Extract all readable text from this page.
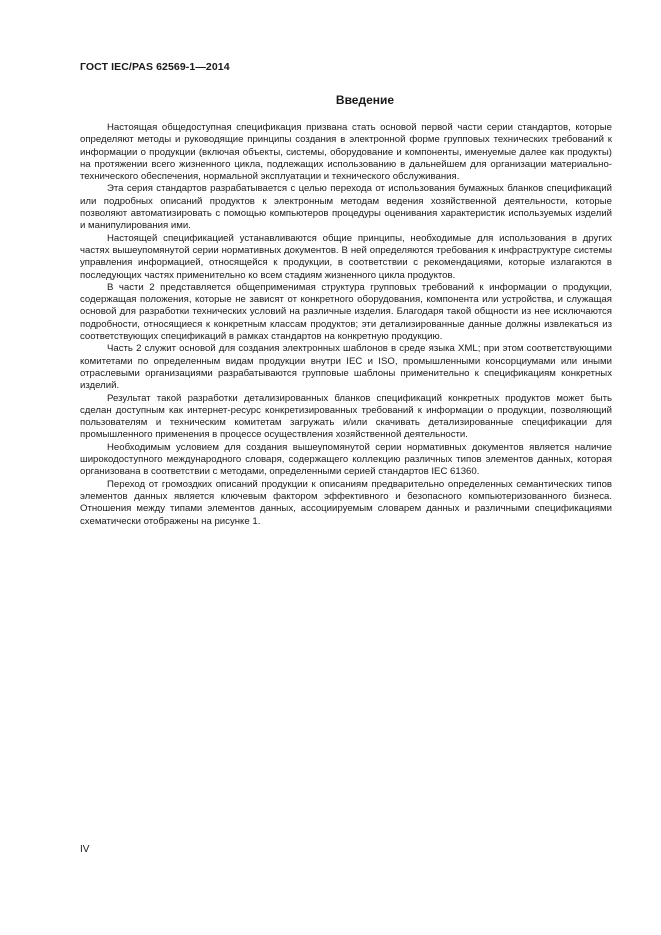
ГОСТ IEC/PAS 62569-1—2014
Введение

Настоящая общедоступная спецификация призвана стать основой первой части серии стандартов, которые определяют методы и руководящие принципы создания в электронной форме групповых технических требований к информации о продукции (включая объекты, системы, оборудование и компоненты, именуемые далее как продукты) на протяжении всего жизненного цикла, подлежащих использованию в дальнейшем для организации материально-технического обеспечения, нормальной эксплуатации и технического обслуживания.

Эта серия стандартов разрабатывается с целью перехода от использования бумажных бланков спецификаций или подробных описаний продуктов к электронным методам ведения хозяйственной деятельности, которые позволяют автоматизировать с помощью компьютеров процедуры оценивания характеристик используемых изделий и манипулирования ими.

Настоящей спецификацией устанавливаются общие принципы, необходимые для использования в других частях вышеупомянутой серии нормативных документов. В ней определяются требования к инфраструктуре системы управления информацией, относящейся к продукции, в соответствии с рекомендациями, которые излагаются в последующих частях применительно ко всем стадиям жизненного цикла продуктов.

В части 2 представляется общеприменимая структура групповых требований к информации о продукции, содержащая положения, которые не зависят от конкретного оборудования, компонента или устройства, и служащая основой для разработки технических условий на различные изделия. Благодаря такой общности из нее исключаются подробности, относящиеся к конкретным классам продуктов; эти детализированные данные должны извлекаться из соответствующих спецификаций в рамках стандартов на конкретную продукцию.

Часть 2 служит основой для создания электронных шаблонов в среде языка XML; при этом соответствующими комитетами по определенным видам продукции внутри IEC и ISO, промышленными консорциумами или иными отраслевыми организациями разрабатываются групповые шаблоны применительно к спецификациям конкретных изделий.

Результат такой разработки детализированных бланков спецификаций конкретных продуктов может быть сделан доступным как интернет-ресурс конкретизированных требований к информации о продукции, позволяющий пользователям и техническим комитетам загружать и/или скачивать детализированные спецификации для промышленного применения в процессе осуществления хозяйственной деятельности.

Необходимым условием для создания вышеупомянутой серии нормативных документов является наличие широкодоступного международного словаря, содержащего коллекцию различных типов элементов данных, которая организована в соответствии с методами, определенными серией стандартов IEC 61360.

Переход от громоздких описаний продукции к описаниям предварительно определенных семантических типов элементов данных является ключевым фактором эффективного и безопасного компьютеризованного бизнеса. Отношения между типами элементов данных, ассоциируемым словарем данных и различными спецификациями схематически отображены на рисунке 1.

IV
